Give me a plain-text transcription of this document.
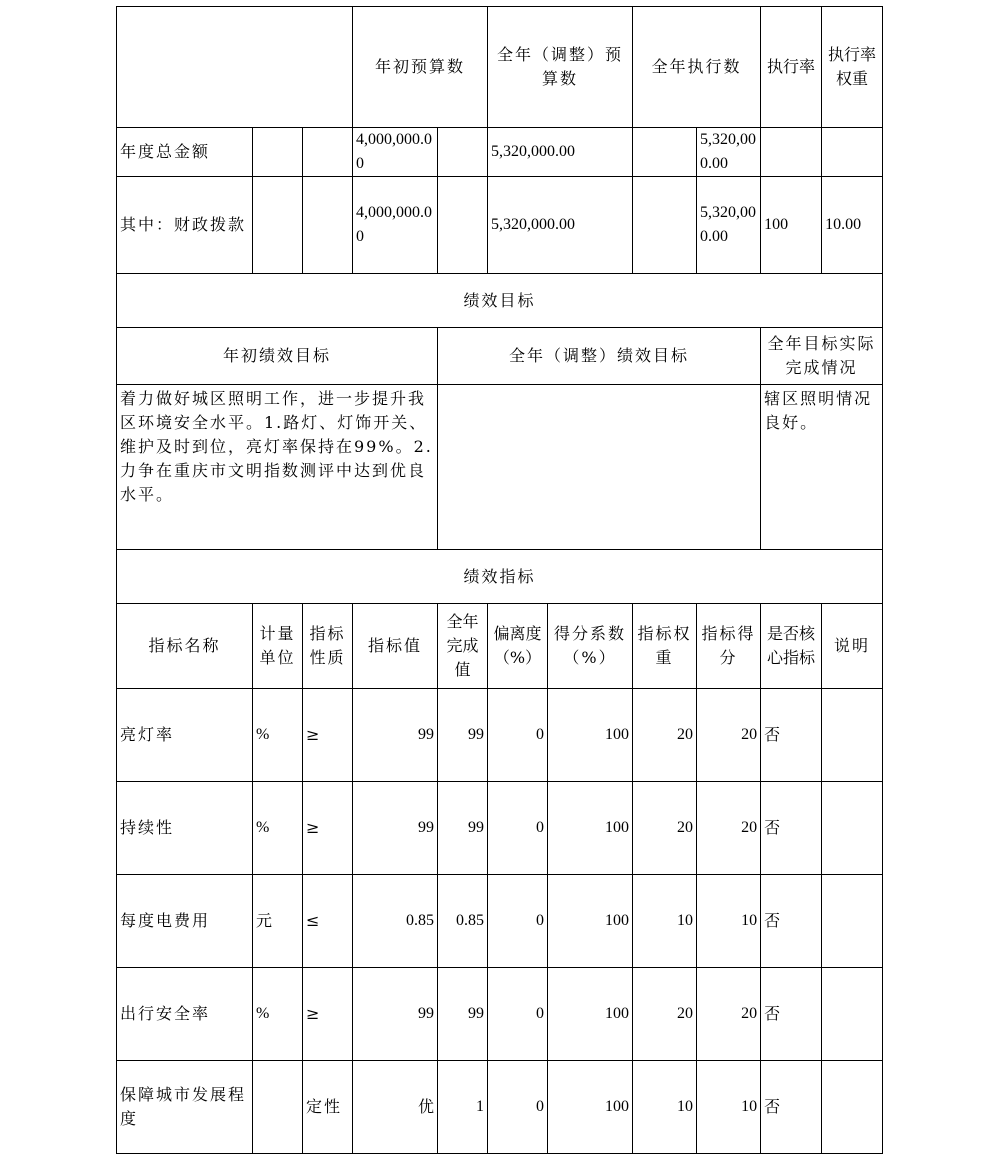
			年初预算数		全年（调整）预算数		全年执行数		执行率	执行率权重	
年度总金额			4,000,000.00		5,320,000.00			5,320,000.00			
其中：财政拨款			4,000,000.00		5,320,000.00			5,320,000.00	100	10.00	
绩效目标											
年初绩效目标				全年（调整）绩效目标					全年目标实际完成情况		
着力做好城区照明工作，进一步提升我区环境安全水平。1.路灯、灯饰开关、维护及时到位，亮灯率保持在99%。2.力争在重庆市文明指数测评中达到优良水平。									辖区照明情况良好。		
绩效指标											
指标名称	计量单位	指标性质	指标值	全年完成值	偏离度（%）	得分系数（%）	指标权重	指标得分	是否核心指标	说明	
亮灯率	%	≥	99	99	0	100	20	20	否		
持续性	%	≥	99	99	0	100	20	20	否		
每度电费用	元	≤	0.85	0.85	0	100	10	10	否		
出行安全率	%	≥	99	99	0	100	20	20	否		
保障城市发展程度		定性	优	1	0	100	10	10	否		
